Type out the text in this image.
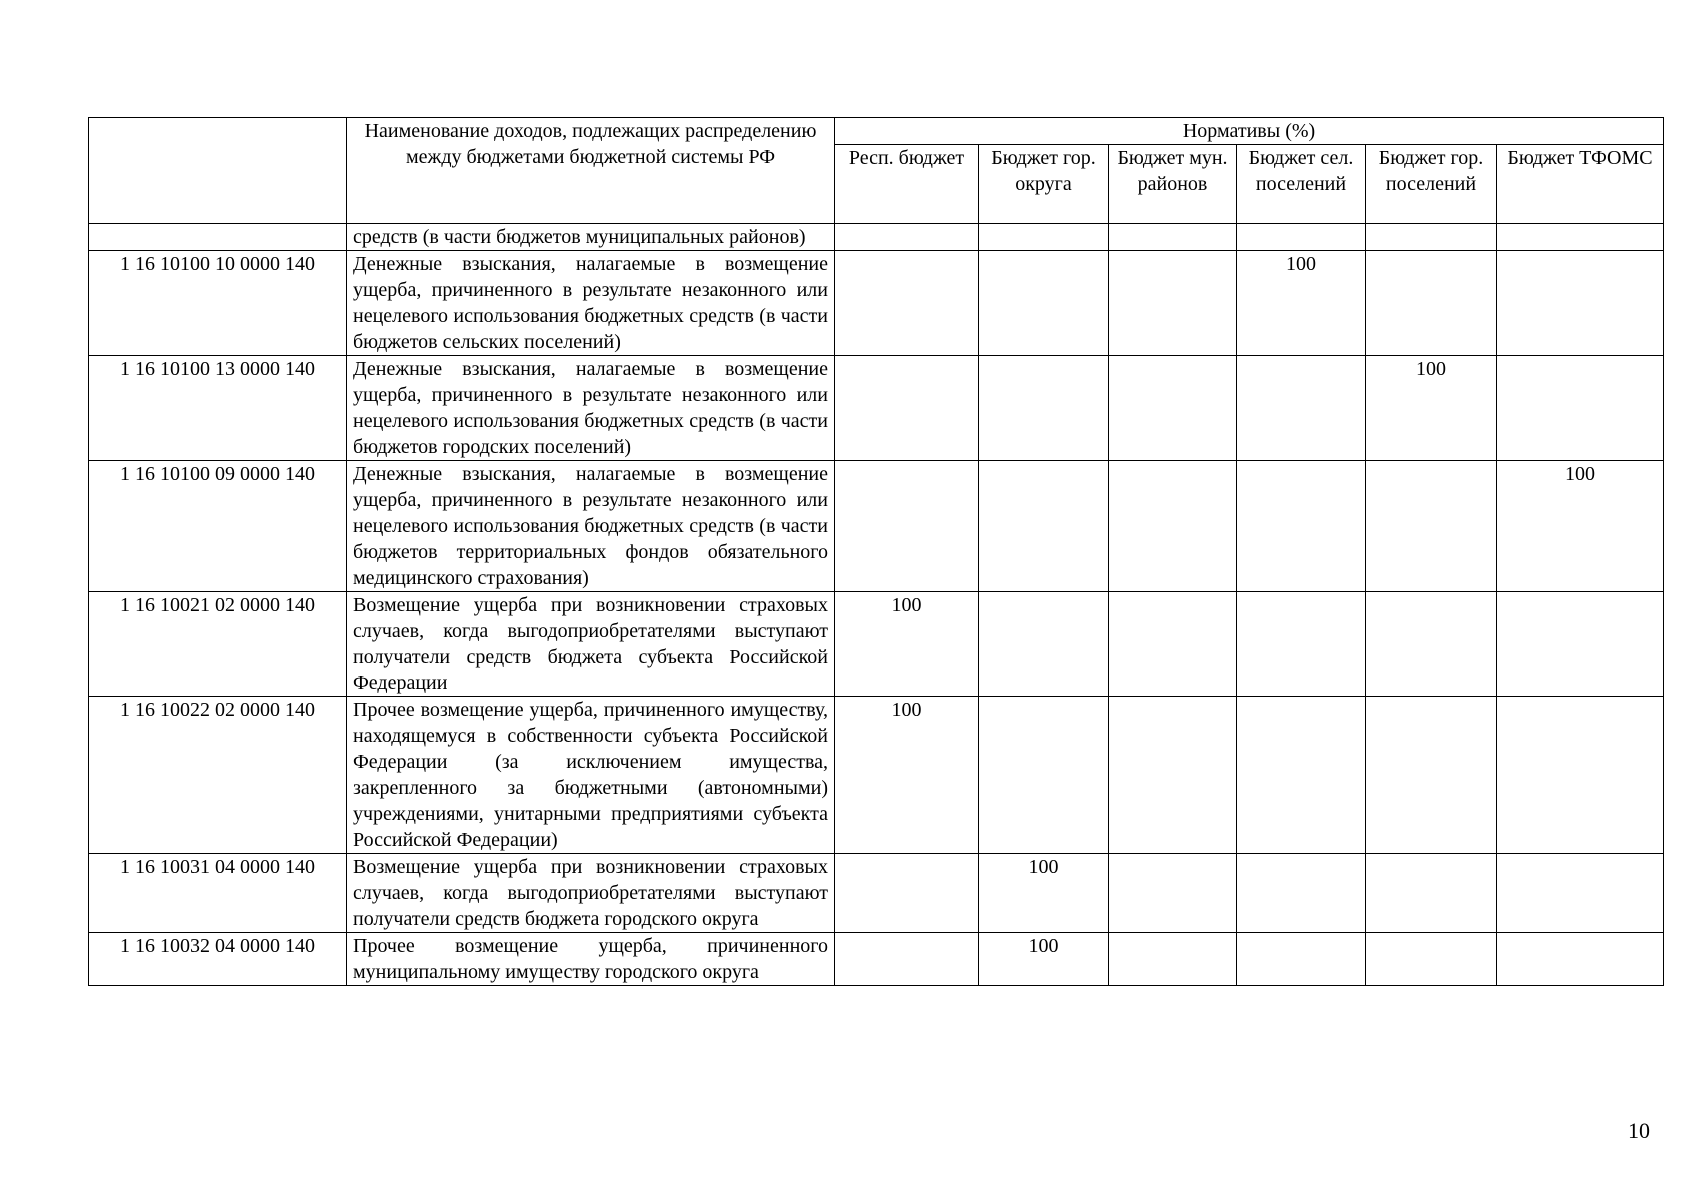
	Наименование доходов, подлежащих распределению между бюджетами бюджетной системы РФ	Нормативы (%)					
		Респ. бюджет	Бюджет гор. округа	Бюджет мун. районов	Бюджет сел. поселений	Бюджет гор. поселений	Бюджет ТФОМС
	средств (в части бюджетов муниципальных районов)						
1 16 10100 10 0000 140	Денежные взыскания, налагаемые в возмещение ущерба, причиненного в результате незаконного или нецелевого использования бюджетных средств (в части бюджетов сельских поселений)				100		
1 16 10100 13 0000 140	Денежные взыскания, налагаемые в возмещение ущерба, причиненного в результате незаконного или нецелевого использования бюджетных средств (в части бюджетов городских поселений)					100	
1 16 10100 09 0000 140	Денежные взыскания, налагаемые в возмещение ущерба, причиненного в результате незаконного или нецелевого использования бюджетных средств (в части бюджетов территориальных фондов обязательного медицинского страхования)						100
1 16 10021 02 0000 140	Возмещение ущерба при возникновении страховых случаев, когда выгодоприобретателями выступают получатели средств бюджета субъекта Российской Федерации	100					
1 16 10022 02 0000 140	Прочее возмещение ущерба, причиненного имуществу, находящемуся в собственности субъекта Российской Федерации (за исключением имущества, закрепленного за бюджетными (автономными) учреждениями, унитарными предприятиями субъекта Российской Федерации)	100					
1 16 10031 04 0000 140	Возмещение ущерба при возникновении страховых случаев, когда выгодоприобретателями выступают получатели средств бюджета городского округа		100				
1 16 10032 04 0000 140	Прочее возмещение ущерба, причиненного муниципальному имуществу городского округа		100				
10
